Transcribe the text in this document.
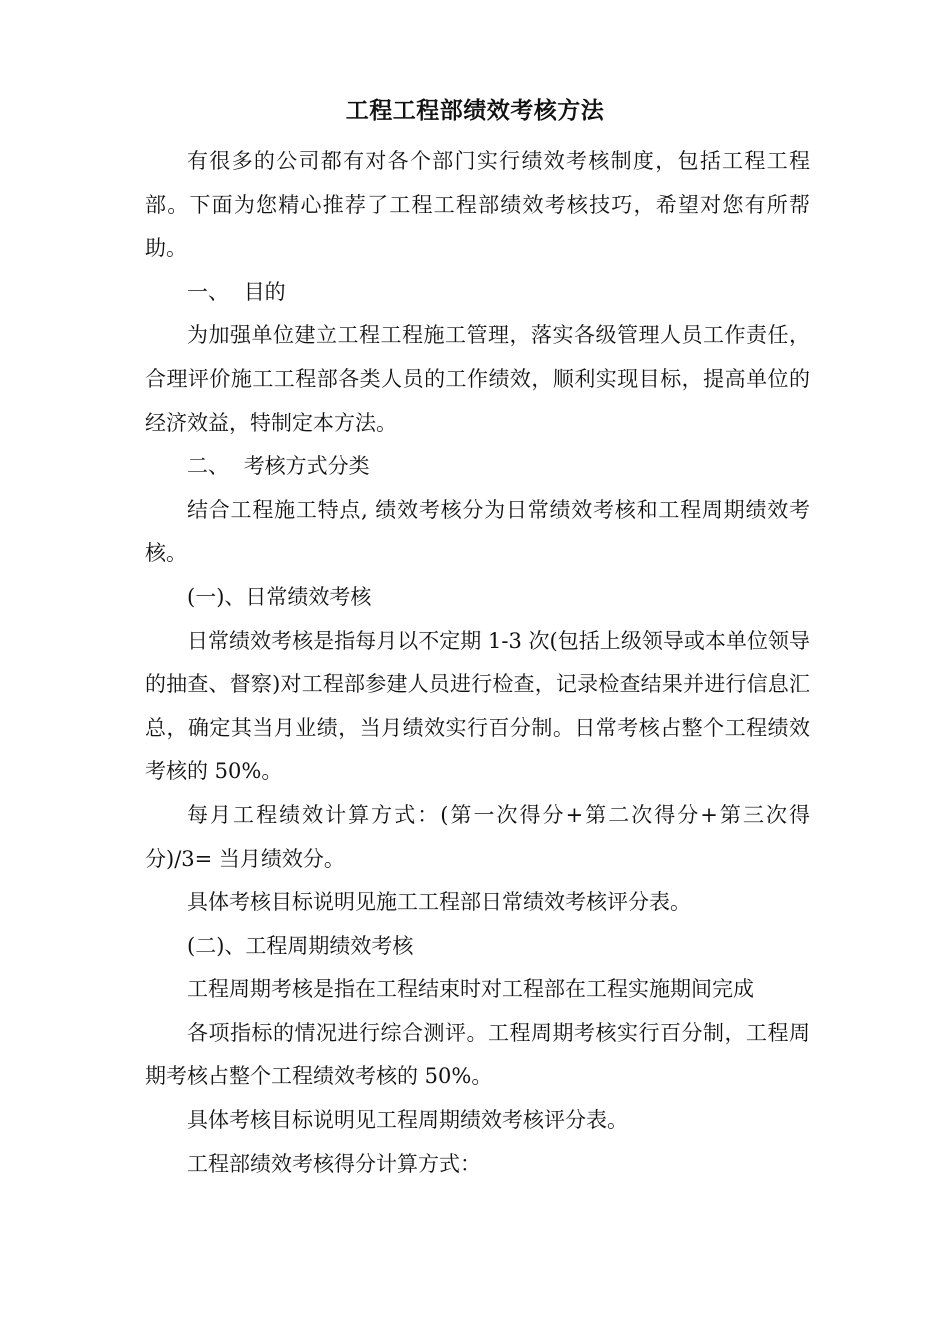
工程工程部绩效考核方法

有很多的公司都有对各个部门实行绩效考核制度，包括工程工程部。下面为您精心推荐了工程工程部绩效考核技巧，希望对您有所帮助。

一、 目的

为加强单位建立工程工程施工管理，落实各级管理人员工作责任，合理评价施工工程部各类人员的工作绩效，顺利实现目标，提高单位的经济效益，特制定本方法。

二、 考核方式分类

结合工程施工特点, 绩效考核分为日常绩效考核和工程周期绩效考核。

(一)、日常绩效考核

日常绩效考核是指每月以不定期 1-3 次(包括上级领导或本单位领导的抽查、督察)对工程部参建人员进行检查，记录检查结果并进行信息汇总，确定其当月业绩，当月绩效实行百分制。日常考核占整个工程绩效考核的 50%。

每月工程绩效计算方式：(第一次得分+第二次得分+第三次得分)/3= 当月绩效分。

具体考核目标说明见施工工程部日常绩效考核评分表。

(二)、工程周期绩效考核

工程周期考核是指在工程结束时对工程部在工程实施期间完成

各项指标的情况进行综合测评。工程周期考核实行百分制，工程周期考核占整个工程绩效考核的 50%。

具体考核目标说明见工程周期绩效考核评分表。

工程部绩效考核得分计算方式：
